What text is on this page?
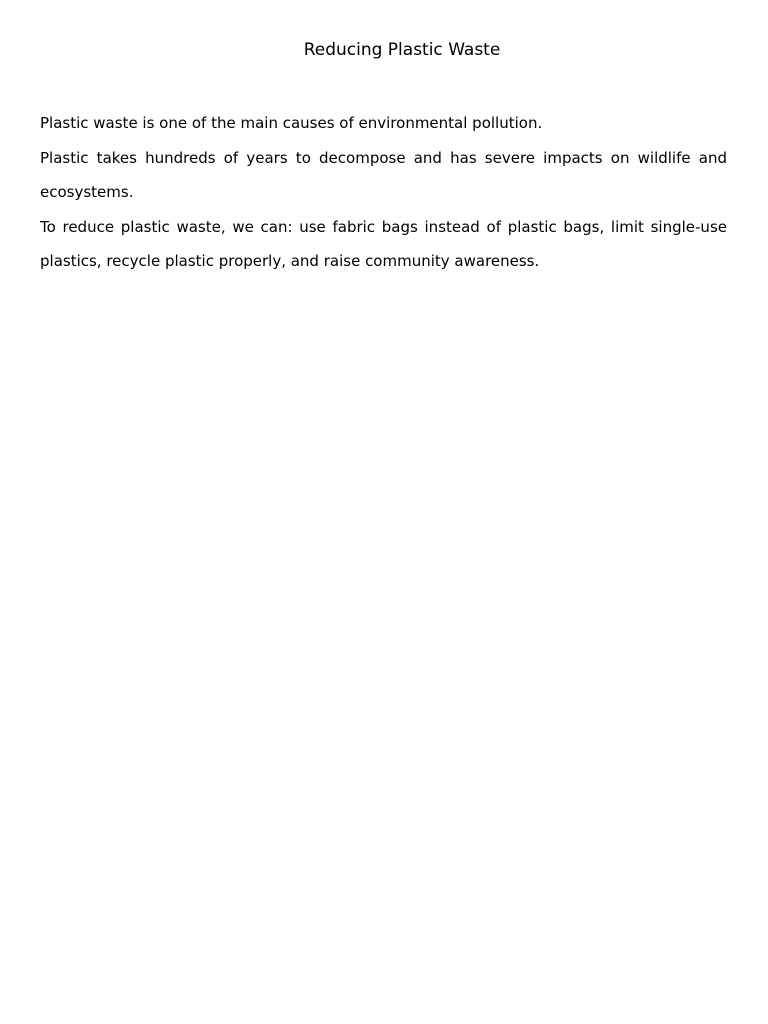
Reducing Plastic Waste

Plastic waste is one of the main causes of environmental pollution.

Plastic takes hundreds of years to decompose and has severe impacts on wildlife and ecosystems.

To reduce plastic waste, we can: use fabric bags instead of plastic bags, limit single-use plastics, recycle plastic properly, and raise community awareness.
